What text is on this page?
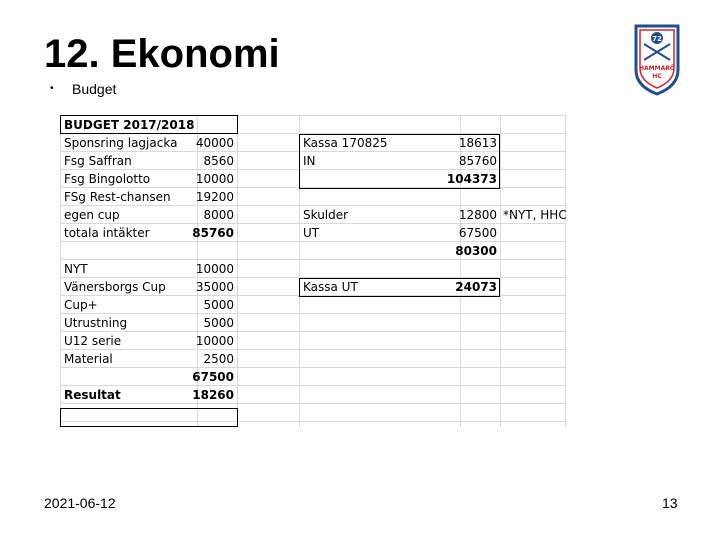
12. Ekonomi
•	Budget
72
HAMMARÖ
HC
BUDGET 2017/2018
Sponsring lagjacka	40000
Fsg Saffran	8560
Fsg Bingolotto	10000
FSg Rest-chansen	19200
egen cup	8000
totala intäkter	85760
NYT	10000
Vänersborgs Cup	35000
Cup+	5000
Utrustning	5000
U12 serie	10000
Material	2500
67500
Resultat	18260
Kassa 170825	18613
IN	85760
104373
Skulder	12800 *NYT, HHC
UT	67500
80300
Kassa UT	24073
2021-06-12	13
